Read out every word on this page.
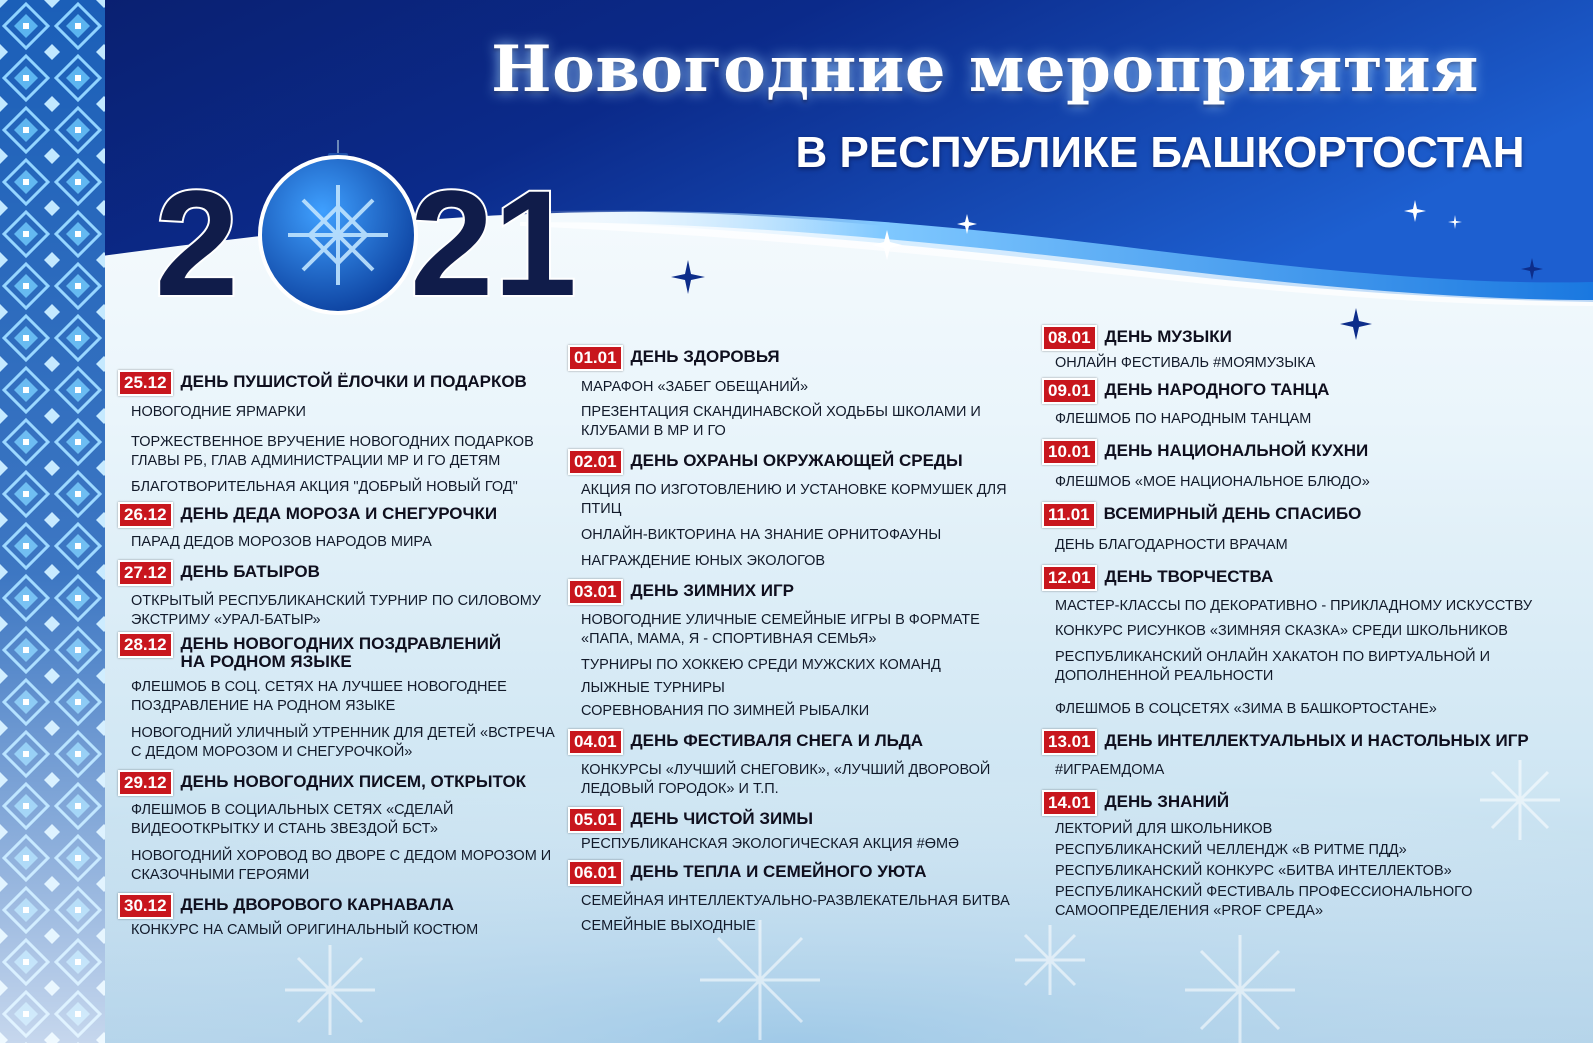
Новогодние мероприятия
В РЕСПУБЛИКЕ БАШКОРТОСТАН
2 21
25.12 ДЕНЬ ПУШИСТОЙ ЁЛОЧКИ И ПОДАРКОВ
НОВОГОДНИЕ ЯРМАРКИ
ТОРЖЕСТВЕННОЕ ВРУЧЕНИЕ НОВОГОДНИХ ПОДАРКОВ ГЛАВЫ РБ, ГЛАВ АДМИНИСТРАЦИИ МР И ГО ДЕТЯМ
БЛАГОТВОРИТЕЛЬНАЯ АКЦИЯ "ДОБРЫЙ НОВЫЙ ГОД"
26.12 ДЕНЬ ДЕДА МОРОЗА И СНЕГУРОЧКИ
ПАРАД ДЕДОВ МОРОЗОВ НАРОДОВ МИРА
27.12 ДЕНЬ БАТЫРОВ
ОТКРЫТЫЙ РЕСПУБЛИКАНСКИЙ ТУРНИР ПО СИЛОВОМУ ЭКСТРИМУ «УРАЛ-БАТЫР»
28.12 ДЕНЬ НОВОГОДНИХ ПОЗДРАВЛЕНИЙ НА РОДНОМ ЯЗЫКЕ
ФЛЕШМОБ В СОЦ. СЕТЯХ НА ЛУЧШЕЕ НОВОГОДНЕЕ ПОЗДРАВЛЕНИЕ НА РОДНОМ ЯЗЫКЕ
НОВОГОДНИЙ УЛИЧНЫЙ УТРЕННИК ДЛЯ ДЕТЕЙ «ВСТРЕЧА С ДЕДОМ МОРОЗОМ И СНЕГУРОЧКОЙ»
29.12 ДЕНЬ НОВОГОДНИХ ПИСЕМ, ОТКРЫТОК
ФЛЕШМОБ В СОЦИАЛЬНЫХ СЕТЯХ «СДЕЛАЙ ВИДЕООТКРЫТКУ И СТАНЬ ЗВЕЗДОЙ БСТ»
НОВОГОДНИЙ ХОРОВОД ВО ДВОРЕ С ДЕДОМ МОРОЗОМ И СКАЗОЧНЫМИ ГЕРОЯМИ
30.12 ДЕНЬ ДВОРОВОГО КАРНАВАЛА
КОНКУРС НА САМЫЙ ОРИГИНАЛЬНЫЙ КОСТЮМ
01.01 ДЕНЬ ЗДОРОВЬЯ
МАРАФОН «ЗАБЕГ ОБЕЩАНИЙ»
ПРЕЗЕНТАЦИЯ СКАНДИНАВСКОЙ ХОДЬБЫ ШКОЛАМИ И КЛУБАМИ В МР И ГО
02.01 ДЕНЬ ОХРАНЫ ОКРУЖАЮЩЕЙ СРЕДЫ
АКЦИЯ ПО ИЗГОТОВЛЕНИЮ И УСТАНОВКЕ КОРМУШЕК ДЛЯ ПТИЦ
ОНЛАЙН-ВИКТОРИНА НА ЗНАНИЕ ОРНИТОФАУНЫ
НАГРАЖДЕНИЕ ЮНЫХ ЭКОЛОГОВ
03.01 ДЕНЬ ЗИМНИХ ИГР
НОВОГОДНИЕ УЛИЧНЫЕ СЕМЕЙНЫЕ ИГРЫ В ФОРМАТЕ «ПАПА, МАМА, Я - СПОРТИВНАЯ СЕМЬЯ»
ТУРНИРЫ ПО ХОККЕЮ СРЕДИ МУЖСКИХ КОМАНД
ЛЫЖНЫЕ ТУРНИРЫ
СОРЕВНОВАНИЯ ПО ЗИМНЕЙ РЫБАЛКИ
04.01 ДЕНЬ ФЕСТИВАЛЯ СНЕГА И ЛЬДА
КОНКУРСЫ «ЛУЧШИЙ СНЕГОВИК», «ЛУЧШИЙ ДВОРОВОЙ ЛЕДОВЫЙ ГОРОДОК» И Т.П.
05.01 ДЕНЬ ЧИСТОЙ ЗИМЫ
РЕСПУБЛИКАНСКАЯ ЭКОЛОГИЧЕСКАЯ АКЦИЯ #ӨМӘ
06.01 ДЕНЬ ТЕПЛА И СЕМЕЙНОГО УЮТА
СЕМЕЙНАЯ ИНТЕЛЛЕКТУАЛЬНО-РАЗВЛЕКАТЕЛЬНАЯ БИТВА
СЕМЕЙНЫЕ ВЫХОДНЫЕ
08.01 ДЕНЬ МУЗЫКИ
ОНЛАЙН ФЕСТИВАЛЬ #МОЯМУЗЫКА
09.01 ДЕНЬ НАРОДНОГО ТАНЦА
ФЛЕШМОБ ПО НАРОДНЫМ ТАНЦАМ
10.01 ДЕНЬ НАЦИОНАЛЬНОЙ КУХНИ
ФЛЕШМОБ «МОЕ НАЦИОНАЛЬНОЕ БЛЮДО»
11.01 ВСЕМИРНЫЙ ДЕНЬ СПАСИБО
ДЕНЬ БЛАГОДАРНОСТИ ВРАЧАМ
12.01 ДЕНЬ ТВОРЧЕСТВА
МАСТЕР-КЛАССЫ ПО ДЕКОРАТИВНО - ПРИКЛАДНОМУ ИСКУССТВУ
КОНКУРС РИСУНКОВ «ЗИМНЯЯ СКАЗКА» СРЕДИ ШКОЛЬНИКОВ
РЕСПУБЛИКАНСКИЙ ОНЛАЙН ХАКАТОН ПО ВИРТУАЛЬНОЙ И ДОПОЛНЕННОЙ РЕАЛЬНОСТИ
ФЛЕШМОБ В СОЦСЕТЯХ «ЗИМА В БАШКОРТОСТАНЕ»
13.01 ДЕНЬ ИНТЕЛЛЕКТУАЛЬНЫХ И НАСТОЛЬНЫХ ИГР
#ИГРАЕМДОМА
14.01 ДЕНЬ ЗНАНИЙ
ЛЕКТОРИЙ ДЛЯ ШКОЛЬНИКОВ
РЕСПУБЛИКАНСКИЙ ЧЕЛЛЕНДЖ «В РИТМЕ ПДД»
РЕСПУБЛИКАНСКИЙ КОНКУРС «БИТВА ИНТЕЛЛЕКТОВ»
РЕСПУБЛИКАНСКИЙ ФЕСТИВАЛЬ ПРОФЕССИОНАЛЬНОГО САМООПРЕДЕЛЕНИЯ «PROF СРЕДА»
